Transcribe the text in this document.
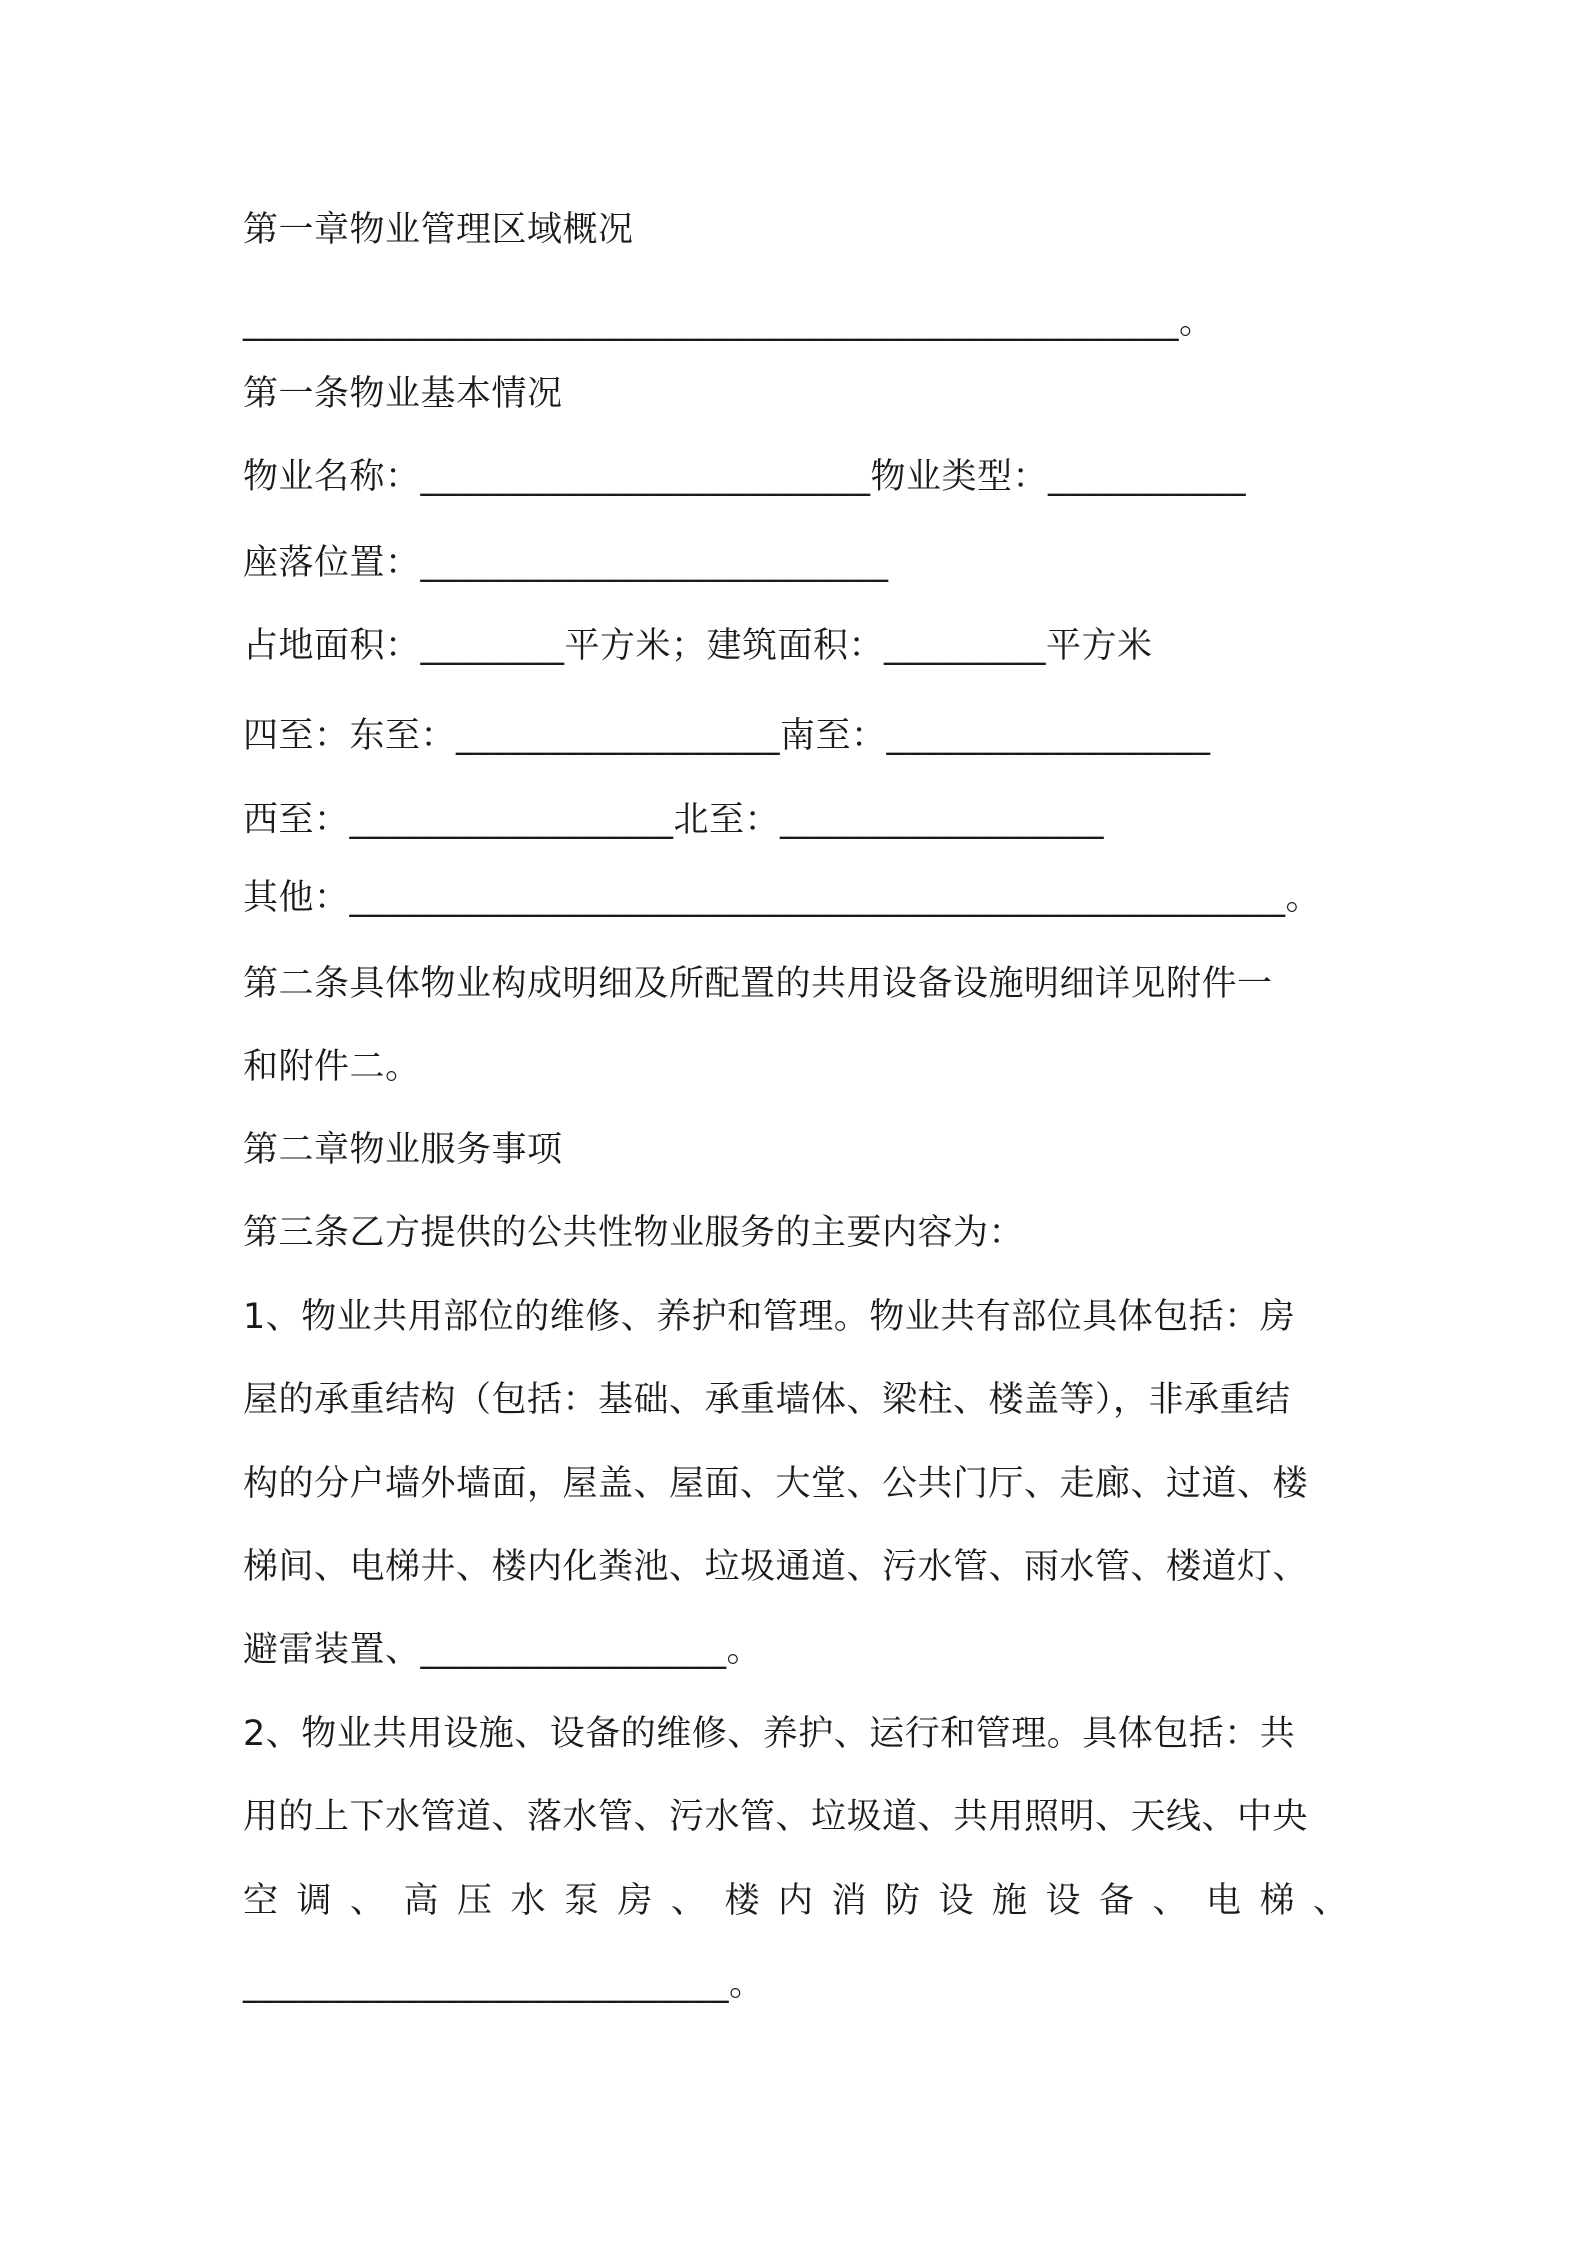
第一章物业管理区域概况
____________________________________________________。
第一条物业基本情况
物业名称：_________________________物业类型：___________
座落位置：__________________________
占地面积：________平方米；建筑面积：_________平方米
四至：东至：__________________南至：__________________
西至：__________________北至：__________________
其他：____________________________________________________。
第二条具体物业构成明细及所配置的共用设备设施明细详见附件一
和附件二。
第二章物业服务事项
第三条乙方提供的公共性物业服务的主要内容为：
1、物业共用部位的维修、养护和管理。物业共有部位具体包括：房
屋的承重结构（包括：基础、承重墙体、梁柱、楼盖等），非承重结
构的分户墙外墙面，屋盖、屋面、大堂、公共门厅、走廊、过道、楼
梯间、电梯井、楼内化粪池、垃圾通道、污水管、雨水管、楼道灯、
避雷装置、_________________。
2、物业共用设施、设备的维修、养护、运行和管理。具体包括：共
用的上下水管道、落水管、污水管、垃圾道、共用照明、天线、中央
空调、高压水泵房、楼内消防设施设备、电梯、
___________________________。
